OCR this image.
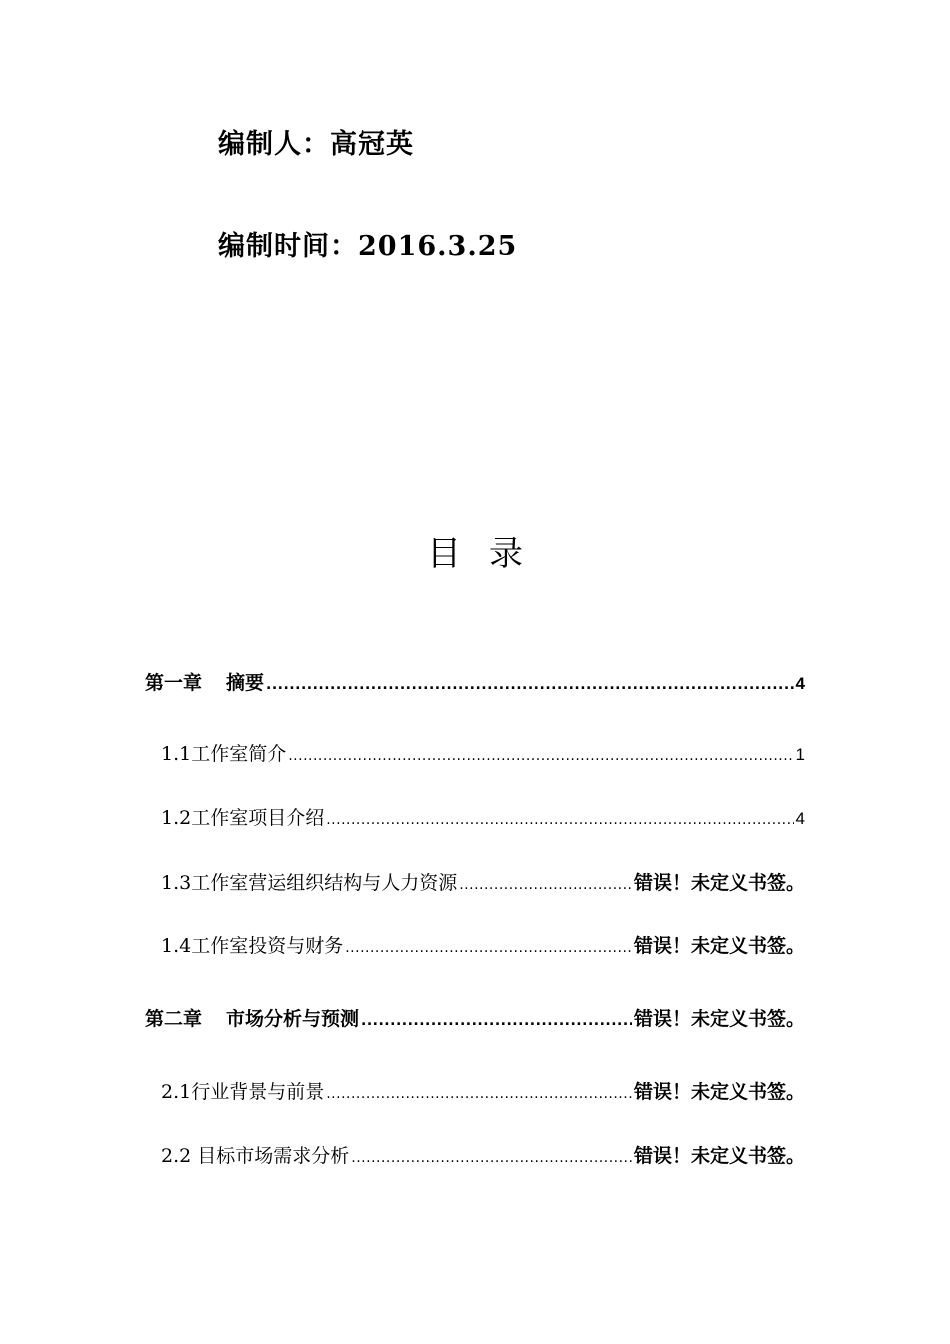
编制人：高冠英
编制时间：2016.3.25
目录
第一章 摘要 .....	4
1.1工作室简介 .....	1
1.2工作室项目介绍 .....	4
1.3工作室营运组织结构与人力资源 .....	错误！未定义书签。
1.4工作室投资与财务 .....	错误！未定义书签。
第二章 市场分析与预测 .....	错误！未定义书签。
2.1行业背景与前景 .....	错误！未定义书签。
2.2 目标市场需求分析 .....	错误！未定义书签。
